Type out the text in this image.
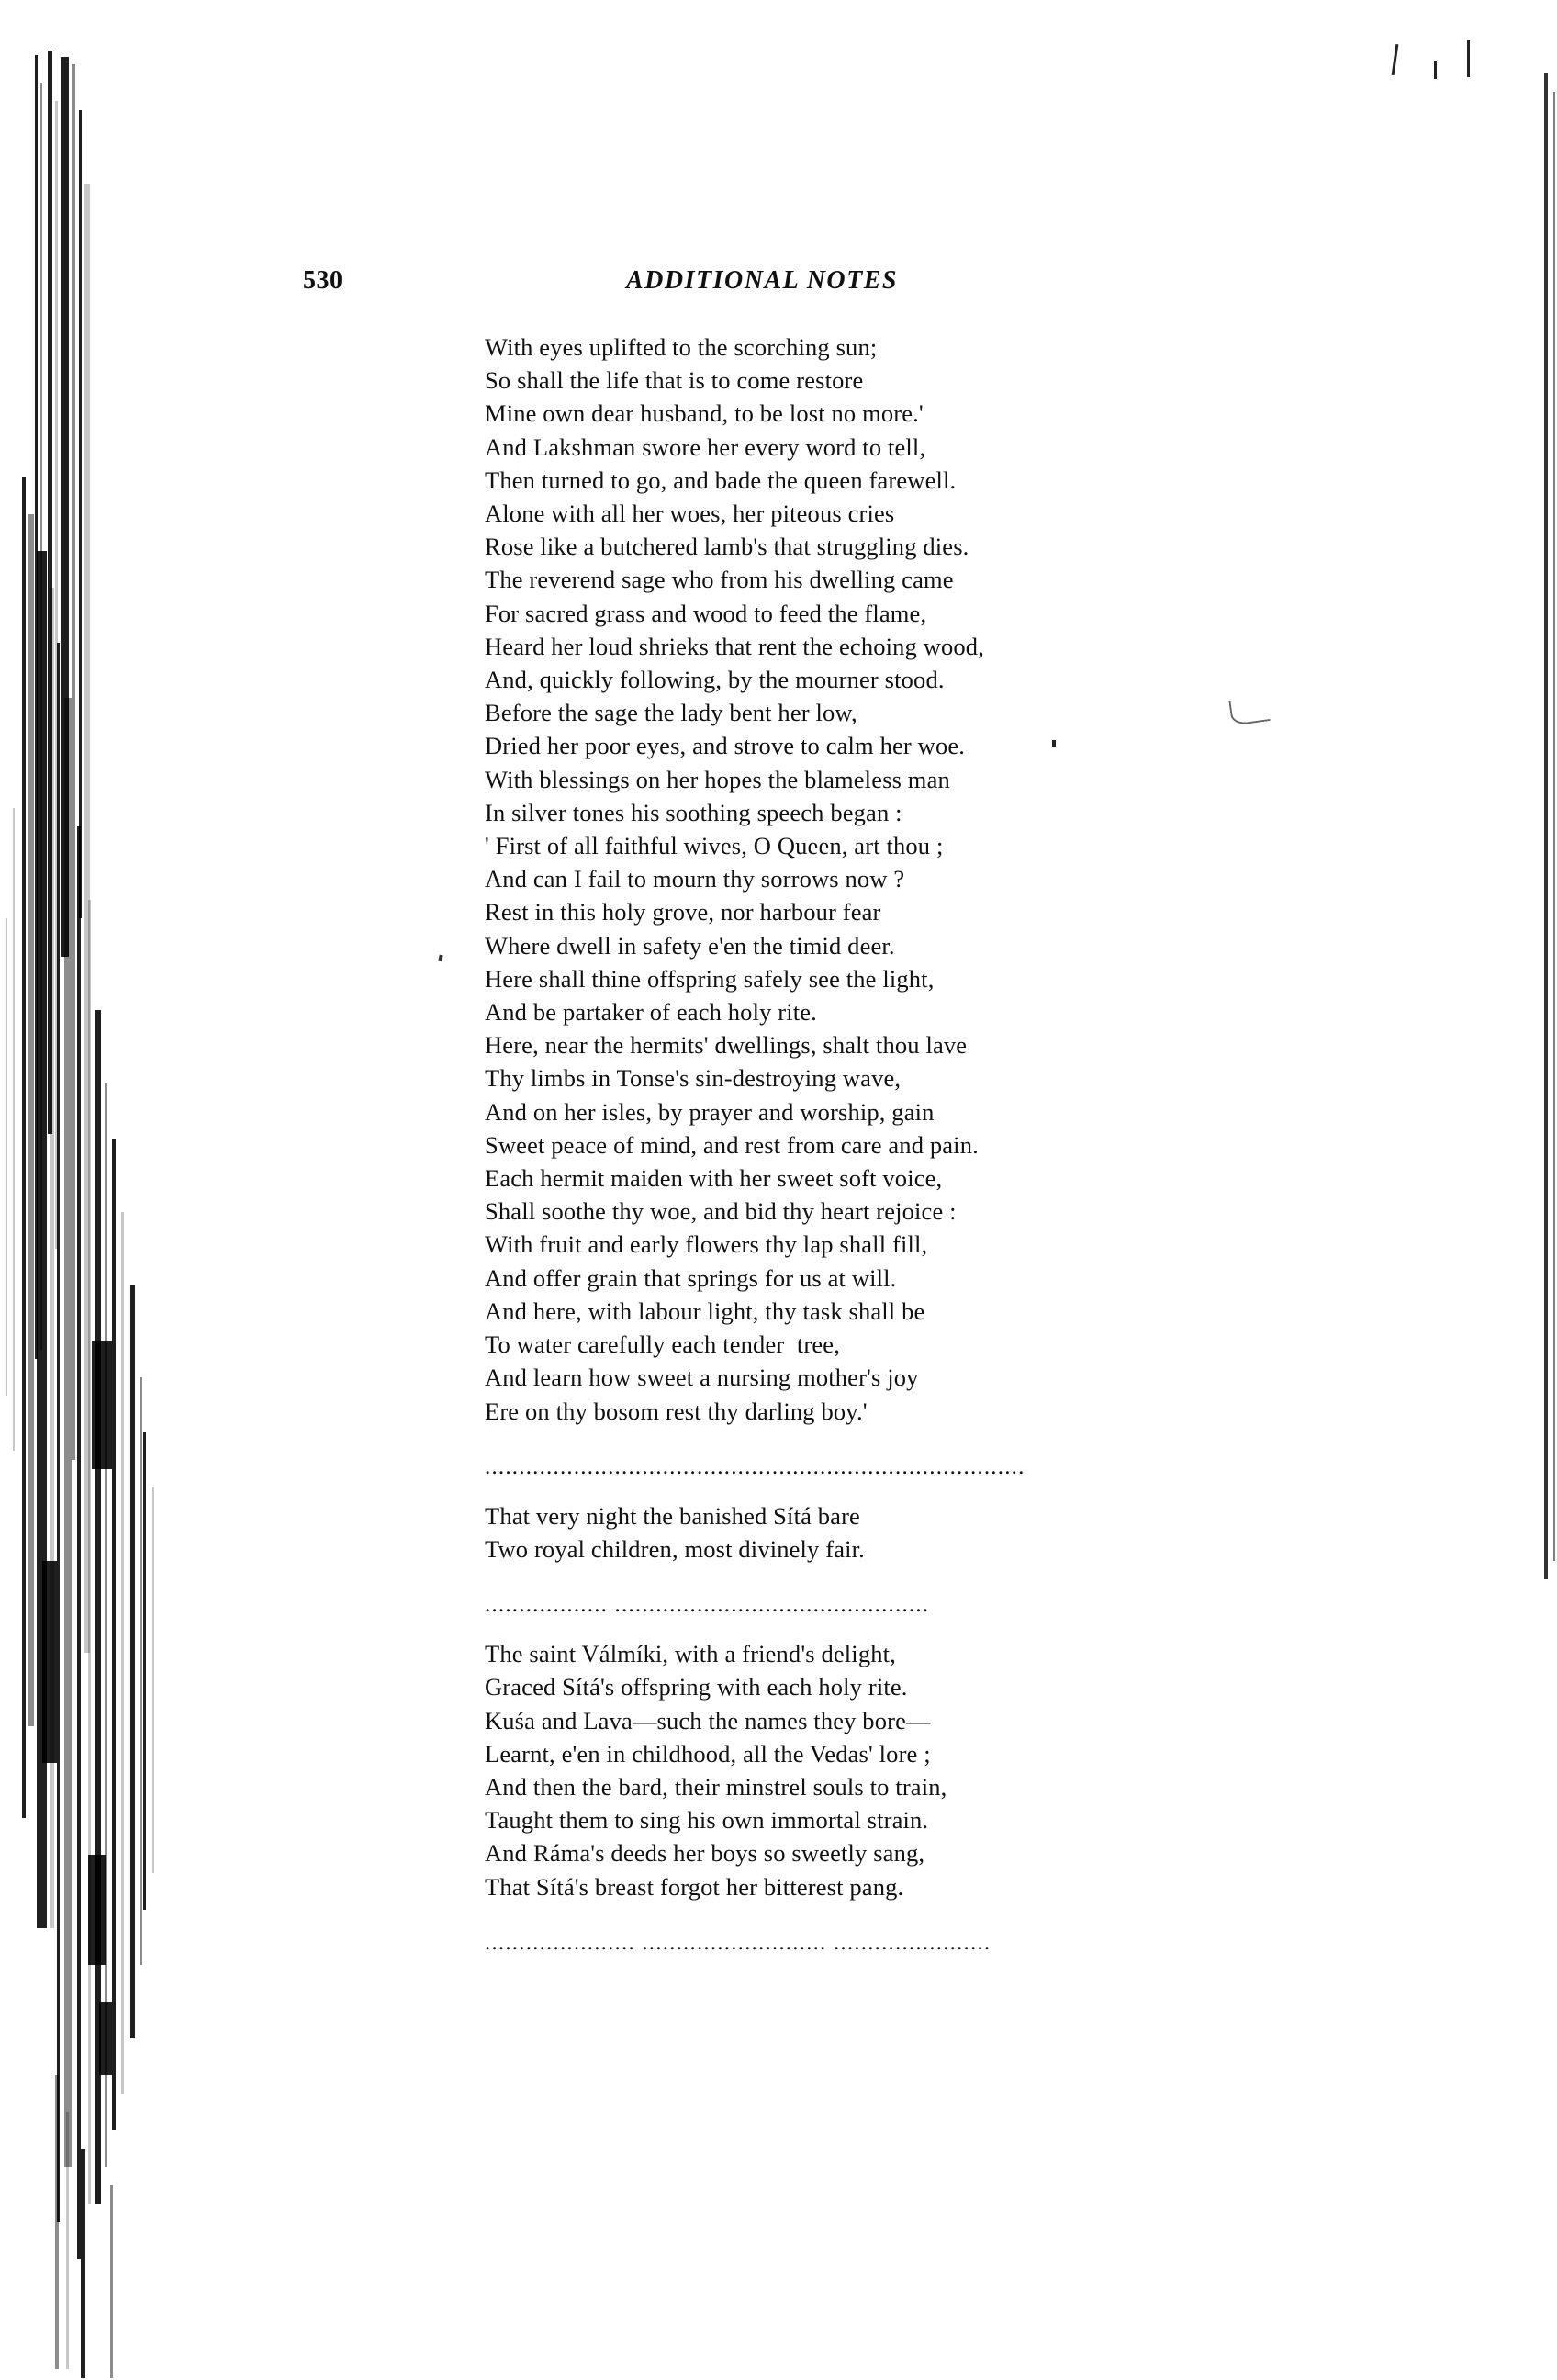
530	ADDITIONAL NOTES
With eyes uplifted to the scorching sun;
So shall the life that is to come restore
Mine own dear husband, to be lost no more.'
And Lakshman swore her every word to tell,
Then turned to go, and bade the queen farewell.
Alone with all her woes, her piteous cries
Rose like a butchered lamb's that struggling dies.
The reverend sage who from his dwelling came
For sacred grass and wood to feed the flame,
Heard her loud shrieks that rent the echoing wood,
And, quickly following, by the mourner stood.
Before the sage the lady bent her low,
Dried her poor eyes, and strove to calm her woe.
With blessings on her hopes the blameless man
In silver tones his soothing speech began :
' First of all faithful wives, O Queen, art thou ;
And can I fail to mourn thy sorrows now ?
Rest in this holy grove, nor harbour fear
Where dwell in safety e'en the timid deer.
Here shall thine offspring safely see the light,
And be partaker of each holy rite.
Here, near the hermits' dwellings, shalt thou lave
Thy limbs in Tonse's sin-destroying wave,
And on her isles, by prayer and worship, gain
Sweet peace of mind, and rest from care and pain.
Each hermit maiden with her sweet soft voice,
Shall soothe thy woe, and bid thy heart rejoice :
With fruit and early flowers thy lap shall fill,
And offer grain that springs for us at will.
And here, with labour light, thy task shall be
To water carefully each tender  tree,
And learn how sweet a nursing mother's joy
Ere on thy bosom rest thy darling boy.'
...............................................................................
That very night the banished Sítá bare
Two royal children, most divinely fair.
.................. ..............................................
The saint Válmíki, with a friend's delight,
Graced Sítá's offspring with each holy rite.
Kuśa and Lava—such the names they bore—
Learnt, e'en in childhood, all the Vedas' lore ;
And then the bard, their minstrel souls to train,
Taught them to sing his own immortal strain.
And Ráma's deeds her boys so sweetly sang,
That Sítá's breast forgot her bitterest pang.
...................... ........................... .......................
